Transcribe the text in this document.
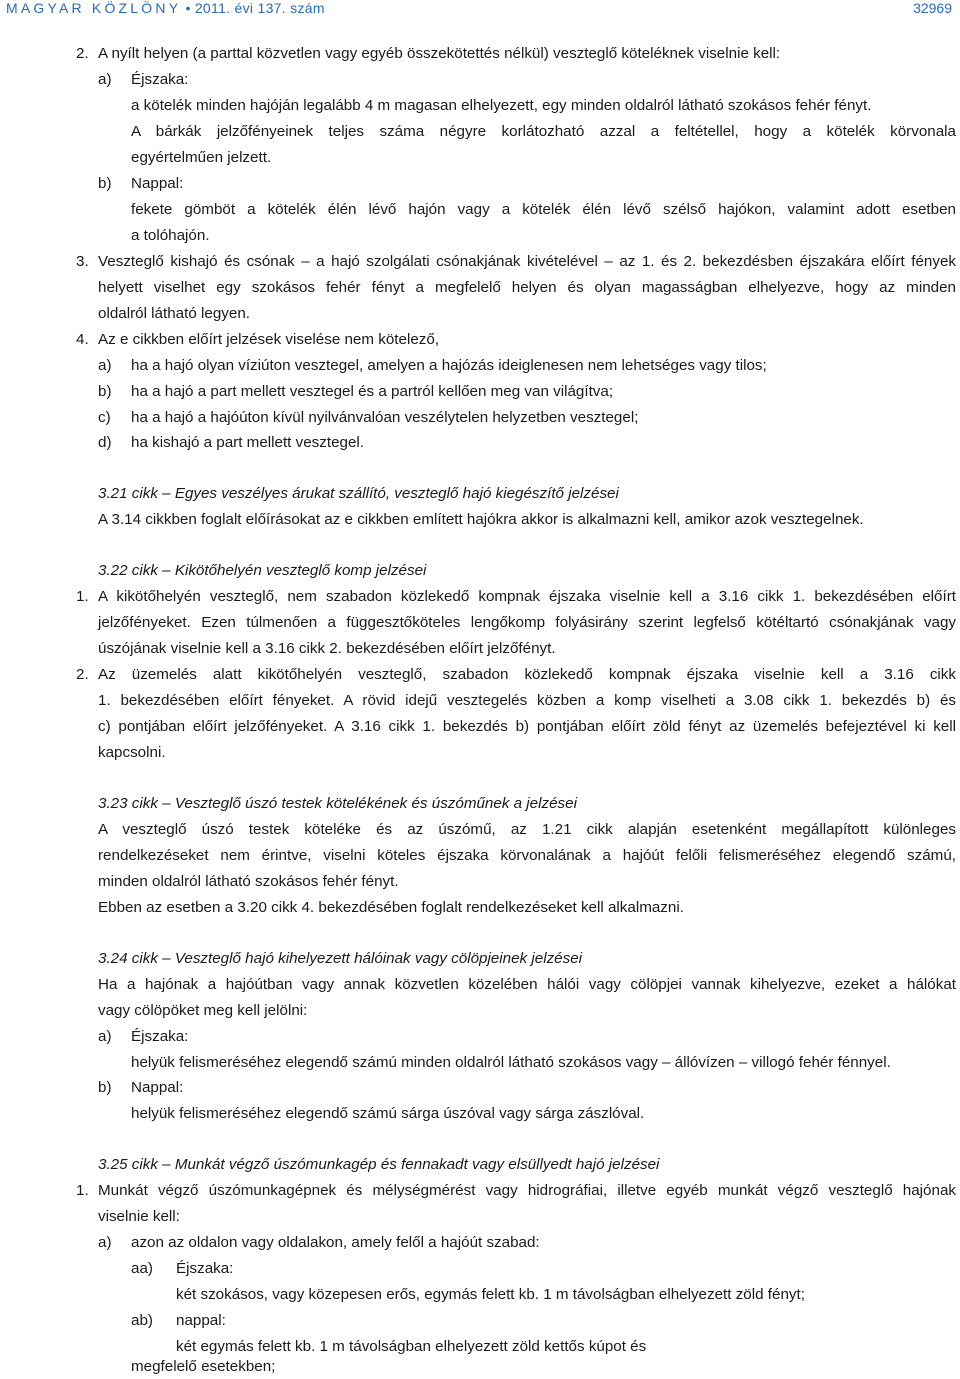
MAGYAR KÖZLÖNY • 2011. évi 137. szám	32969
2. A nyílt helyen (a parttal közvetlen vagy egyéb összekötettés nélkül) veszteglő köteléknek viselnie kell:
a) Éjszaka:
a kötelék minden hajóján legalább 4 m magasan elhelyezett, egy minden oldalról látható szokásos fehér fényt.
A bárkák jelzőfényeinek teljes száma négyre korlátozható azzal a feltétellel, hogy a kötelék körvonala
egyértelműen jelzett.
b) Nappal:
fekete gömböt a kötelék élén lévő hajón vagy a kötelék élén lévő szélső hajókon, valamint adott esetben
a tolóhajón.
3. Veszteglő kishajó és csónak – a hajó szolgálati csónakjának kivételével – az 1. és 2. bekezdésben éjszakára előírt fények
helyett viselhet egy szokásos fehér fényt a megfelelő helyen és olyan magasságban elhelyezve, hogy az minden
oldalról látható legyen.
4. Az e cikkben előírt jelzések viselése nem kötelező,
a) ha a hajó olyan víziúton vesztegel, amelyen a hajózás ideiglenesen nem lehetséges vagy tilos;
b) ha a hajó a part mellett vesztegel és a partról kellően meg van világítva;
c) ha a hajó a hajóúton kívül nyilvánvalóan veszélytelen helyzetben vesztegel;
d) ha kishajó a part mellett vesztegel.
3.21 cikk – Egyes veszélyes árukat szállító, veszteglő hajó kiegészítő jelzései
A 3.14 cikkben foglalt előírásokat az e cikkben említett hajókra akkor is alkalmazni kell, amikor azok vesztegelnek.
3.22 cikk – Kikötőhelyén veszteglő komp jelzései
1. A kikötőhelyén veszteglő, nem szabadon közlekedő kompnak éjszaka viselnie kell a 3.16 cikk 1. bekezdésében előírt
jelzőfényeket. Ezen túlmenően a függesztőköteles lengőkomp folyásirány szerint legfelső kötéltartó csónakjának vagy
úszójának viselnie kell a 3.16 cikk 2. bekezdésében előírt jelzőfényt.
2. Az üzemelés alatt kikötőhelyén veszteglő, szabadon közlekedő kompnak éjszaka viselnie kell a 3.16 cikk
1. bekezdésében előírt fényeket. A rövid idejű vesztegelés közben a komp viselheti a 3.08 cikk 1. bekezdés b) és
c) pontjában előírt jelzőfényeket. A 3.16 cikk 1. bekezdés b) pontjában előírt zöld fényt az üzemelés befejeztével ki kell
kapcsolni.
3.23 cikk – Veszteglő úszó testek kötelékének és úszóműnek a jelzései
A veszteglő úszó testek köteléke és az úszómű, az 1.21 cikk alapján esetenként megállapított különleges
rendelkezéseket nem érintve, viselni köteles éjszaka körvonalának a hajóút felőli felismeréséhez elegendő számú,
minden oldalról látható szokásos fehér fényt.
Ebben az esetben a 3.20 cikk 4. bekezdésében foglalt rendelkezéseket kell alkalmazni.
3.24 cikk – Veszteglő hajó kihelyezett hálóinak vagy cölöpjeinek jelzései
Ha a hajónak a hajóútban vagy annak közvetlen közelében hálói vagy cölöpjei vannak kihelyezve, ezeket a hálókat
vagy cölöpöket meg kell jelölni:
a) Éjszaka:
helyük felismeréséhez elegendő számú minden oldalról látható szokásos vagy – állóvízen – villogó fehér fénnyel.
b) Nappal:
helyük felismeréséhez elegendő számú sárga úszóval vagy sárga zászlóval.
3.25 cikk – Munkát végző úszómunkagép és fennakadt vagy elsüllyedt hajó jelzései
1. Munkát végző úszómunkagépnek és mélységmérést vagy hidrográfiai, illetve egyéb munkát végző veszteglő hajónak
viselnie kell:
a) azon az oldalon vagy oldalakon, amely felől a hajóút szabad:
aa) Éjszaka:
két szokásos, vagy közepesen erős, egymás felett kb. 1 m távolságban elhelyezett zöld fényt;
ab) nappal:
két egymás felett kb. 1 m távolságban elhelyezett zöld kettős kúpot és
megfelelő esetekben;
